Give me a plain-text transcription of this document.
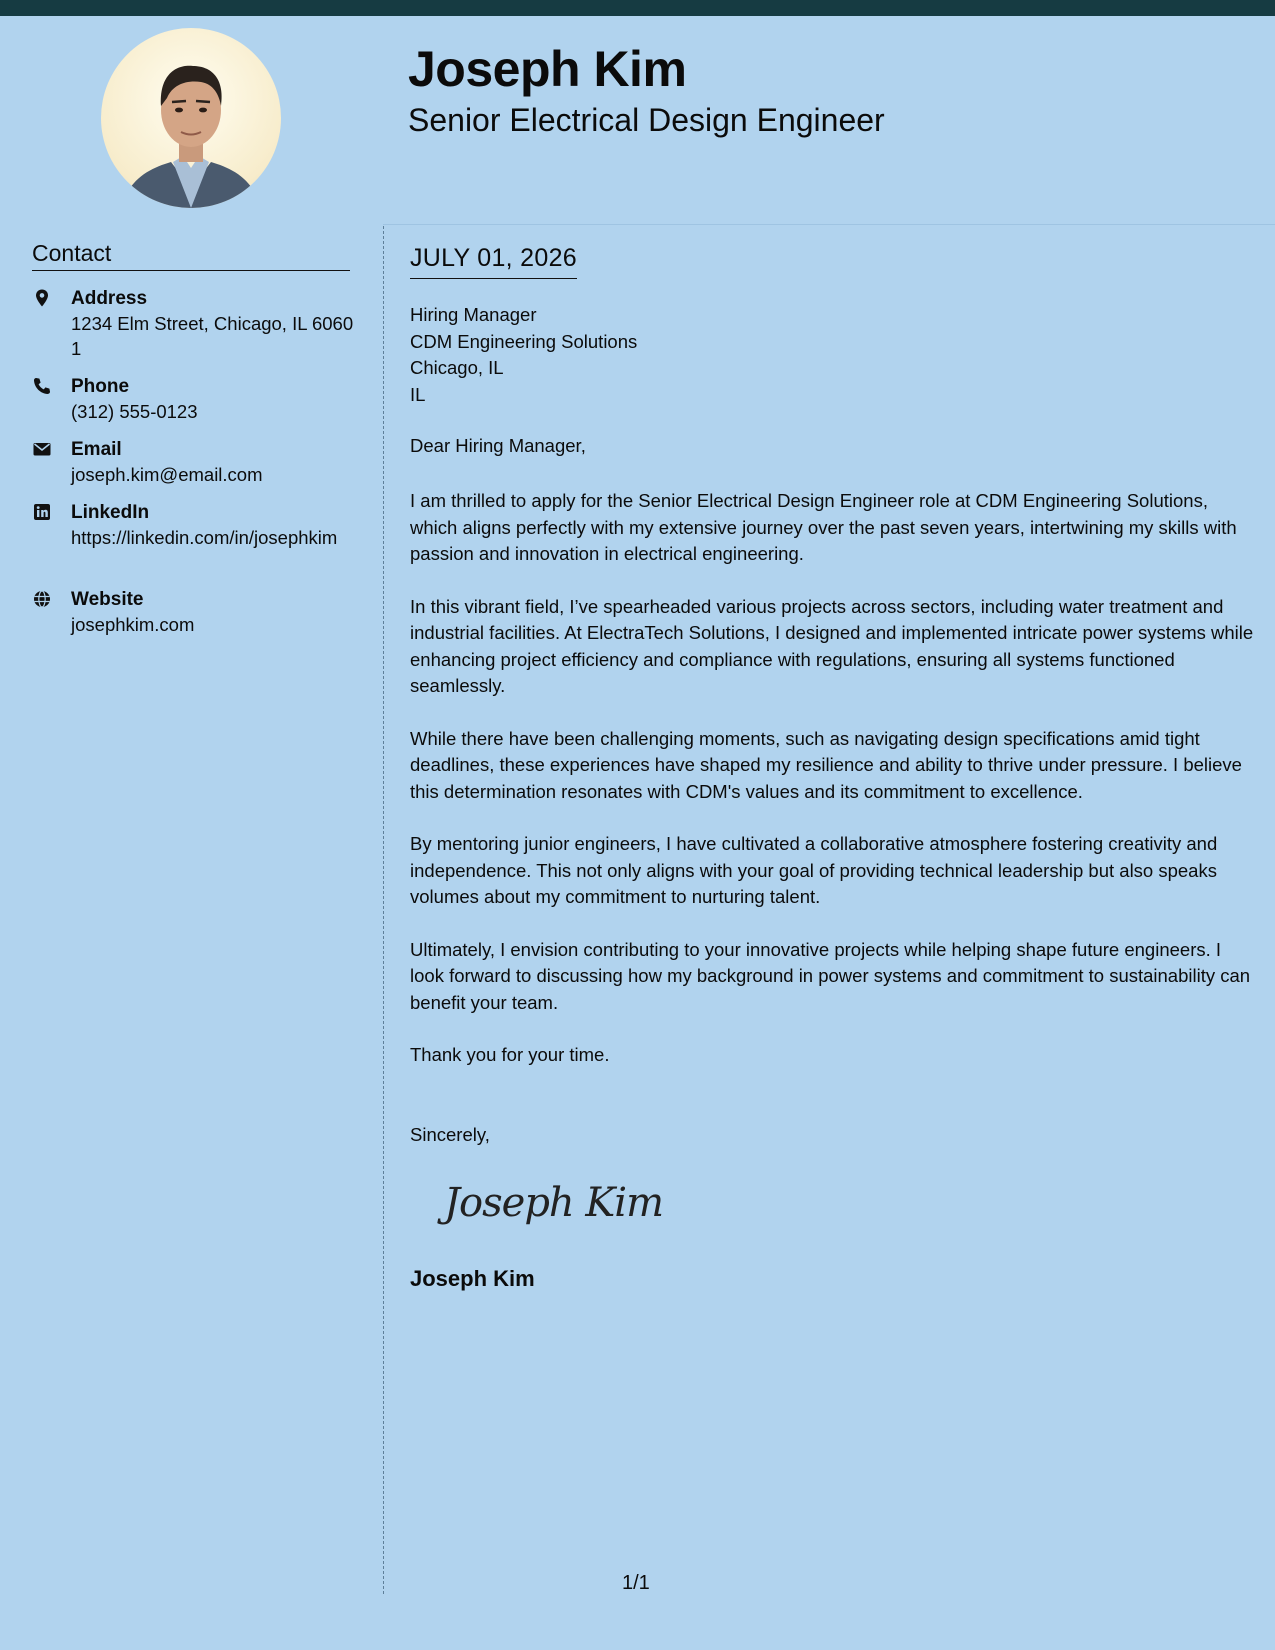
Joseph Kim
Senior Electrical Design Engineer
Contact
Address
1234 Elm Street, Chicago, IL 60601
Phone
(312) 555-0123
Email
joseph.kim@email.com
LinkedIn
https://linkedin.com/in/josephkim
Website
josephkim.com
JULY 01, 2026
Hiring Manager
CDM Engineering Solutions
Chicago, IL
IL
Dear Hiring Manager,

I am thrilled to apply for the Senior Electrical Design Engineer role at CDM Engineering Solutions, which aligns perfectly with my extensive journey over the past seven years, intertwining my skills with passion and innovation in electrical engineering.

In this vibrant field, I’ve spearheaded various projects across sectors, including water treatment and industrial facilities. At ElectraTech Solutions, I designed and implemented intricate power systems while enhancing project efficiency and compliance with regulations, ensuring all systems functioned seamlessly.

While there have been challenging moments, such as navigating design specifications amid tight deadlines, these experiences have shaped my resilience and ability to thrive under pressure. I believe this determination resonates with CDM's values and its commitment to excellence.

By mentoring junior engineers, I have cultivated a collaborative atmosphere fostering creativity and independence. This not only aligns with your goal of providing technical leadership but also speaks volumes about my commitment to nurturing talent.

Ultimately, I envision contributing to your innovative projects while helping shape future engineers. I look forward to discussing how my background in power systems and commitment to sustainability can benefit your team.

Thank you for your time.

Sincerely,
Joseph Kim
Joseph Kim
1/1
